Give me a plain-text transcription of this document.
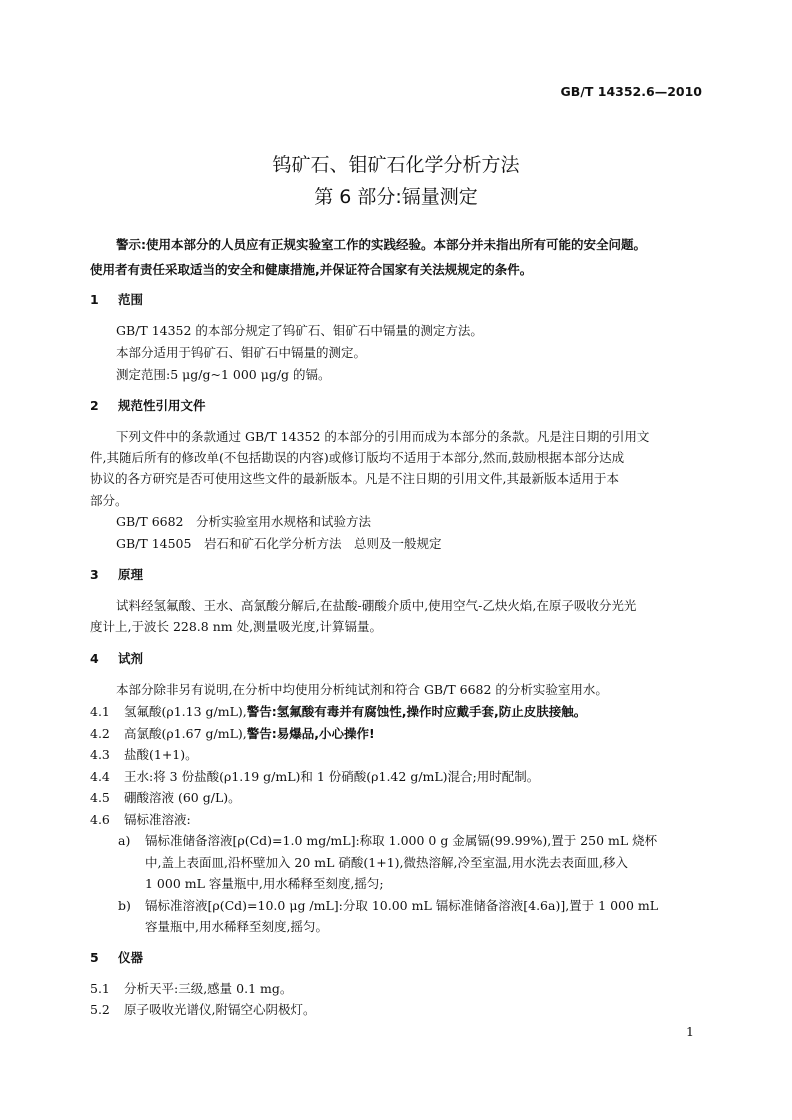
GB/T 14352.6—2010
钨矿石、钼矿石化学分析方法
第 6 部分:镉量测定
警示:使用本部分的人员应有正规实验室工作的实践经验。本部分并未指出所有可能的安全问题。
使用者有责任采取适当的安全和健康措施,并保证符合国家有关法规规定的条件。
1 范围
GB/T 14352 的本部分规定了钨矿石、钼矿石中镉量的测定方法。
本部分适用于钨矿石、钼矿石中镉量的测定。
测定范围:5 μg/g~1 000 μg/g 的镉。
2 规范性引用文件
下列文件中的条款通过 GB/T 14352 的本部分的引用而成为本部分的条款。凡是注日期的引用文
件,其随后所有的修改单(不包括勘误的内容)或修订版均不适用于本部分,然而,鼓励根据本部分达成
协议的各方研究是否可使用这些文件的最新版本。凡是不注日期的引用文件,其最新版本适用于本
部分。
GB/T 6682　分析实验室用水规格和试验方法
GB/T 14505　岩石和矿石化学分析方法　总则及一般规定
3 原理
试料经氢氟酸、王水、高氯酸分解后,在盐酸-硼酸介质中,使用空气-乙炔火焰,在原子吸收分光光
度计上,于波长 228.8 nm 处,测量吸光度,计算镉量。
4 试剂
本部分除非另有说明,在分析中均使用分析纯试剂和符合 GB/T 6682 的分析实验室用水。
4.1 氢氟酸(ρ1.13 g/mL),警告:氢氟酸有毒并有腐蚀性,操作时应戴手套,防止皮肤接触。
4.2 高氯酸(ρ1.67 g/mL),警告:易爆品,小心操作!
4.3 盐酸(1+1)。
4.4 王水:将 3 份盐酸(ρ1.19 g/mL)和 1 份硝酸(ρ1.42 g/mL)混合;用时配制。
4.5 硼酸溶液 (60 g/L)。
4.6 镉标准溶液:
a) 镉标准储备溶液[ρ(Cd)=1.0 mg/mL]:称取 1.000 0 g 金属镉(99.99%),置于 250 mL 烧杯
中,盖上表面皿,沿杯壁加入 20 mL 硝酸(1+1),微热溶解,冷至室温,用水洗去表面皿,移入
1 000 mL 容量瓶中,用水稀释至刻度,摇匀;
b) 镉标准溶液[ρ(Cd)=10.0 μg /mL]:分取 10.00 mL 镉标准储备溶液[4.6a)],置于 1 000 mL
容量瓶中,用水稀释至刻度,摇匀。
5 仪器
5.1 分析天平:三级,感量 0.1 mg。
5.2 原子吸收光谱仪,附镉空心阴极灯。
1
